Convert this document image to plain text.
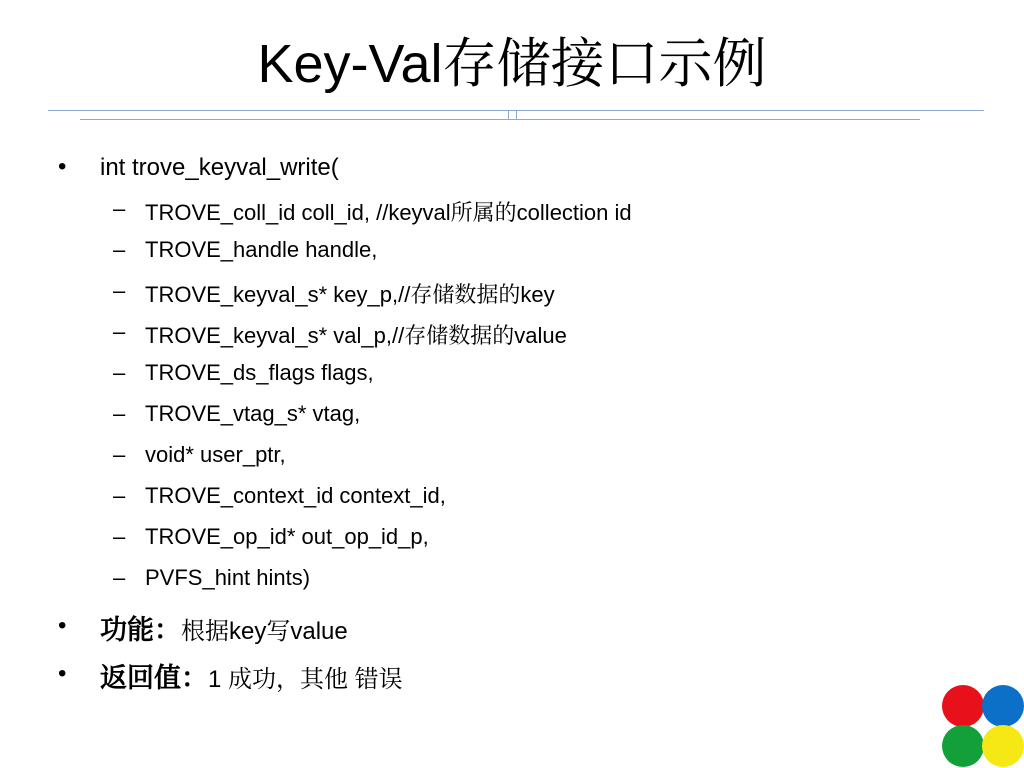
Key-Val存储接口示例
• int trove_keyval_write(
– TROVE_coll_id coll_id, //keyval所属的collection id
– TROVE_handle handle,
– TROVE_keyval_s* key_p,//存储数据的key
– TROVE_keyval_s* val_p,//存储数据的value
– TROVE_ds_flags flags,
– TROVE_vtag_s* vtag,
– void* user_ptr,
– TROVE_context_id context_id,
– TROVE_op_id* out_op_id_p,
– PVFS_hint hints)
• 功能：根据key写value
• 返回值：1 成功，其他 错误
